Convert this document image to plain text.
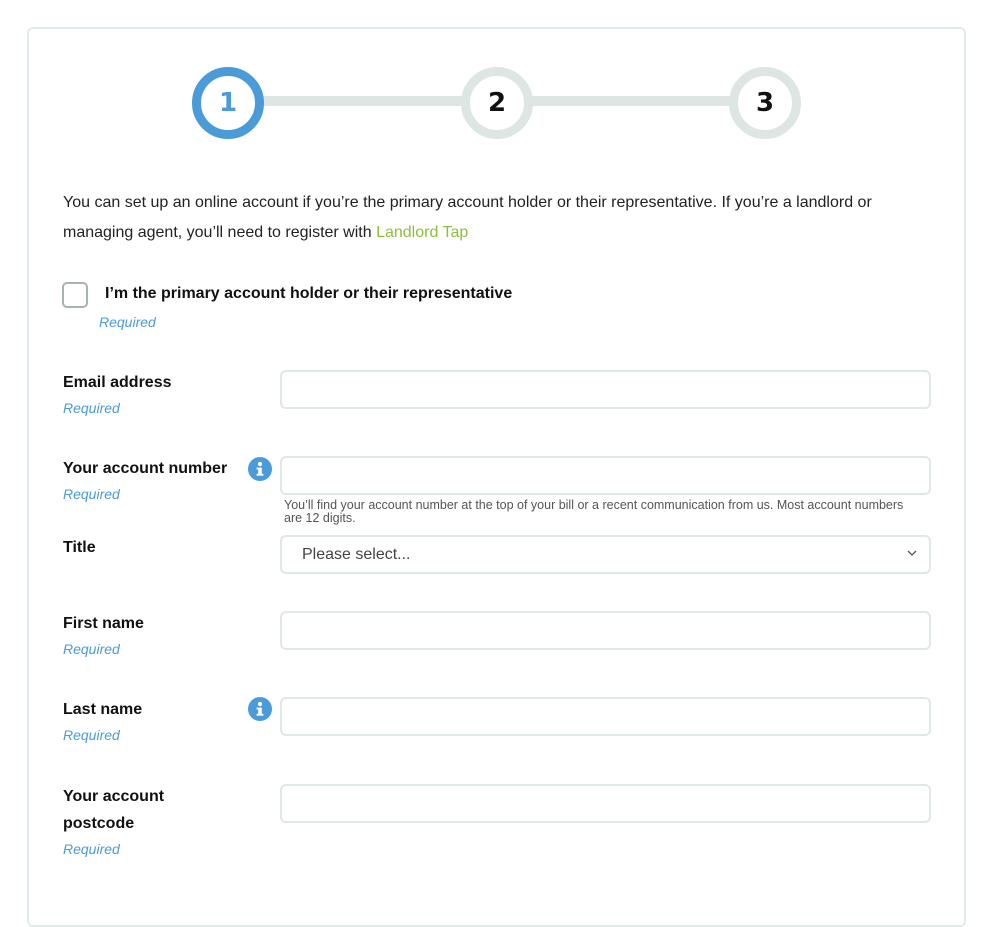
1	2	3
You can set up an online account if you’re the primary account holder or their representative. If you’re a landlord or managing agent, you’ll need to register with Landlord Tap
I’m the primary account holder or their representative
Required
Email address
Required
Your account number
Required
You’ll find your account number at the top of your bill or a recent communication from us. Most account numbers are 12 digits.
Title	Please select...
First name
Required
Last name
Required
Your account
postcode
Required
